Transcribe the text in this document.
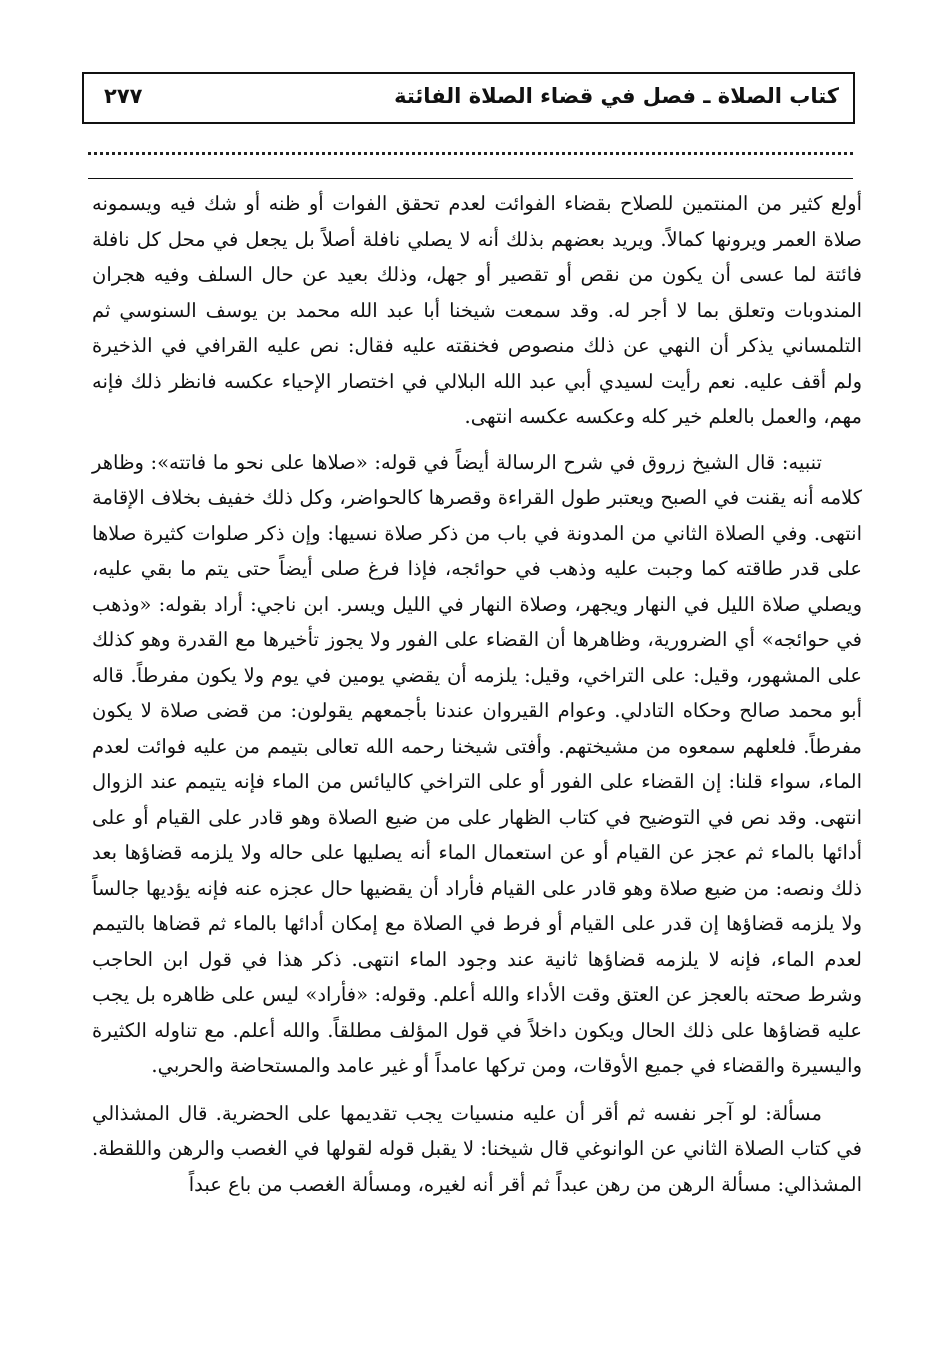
كتاب الصلاة ـ فصل في قضاء الصلاة الفائتة
٢٧٧

أولع كثير من المنتمين للصلاح بقضاء الفوائت لعدم تحقق الفوات أو ظنه أو شك فيه ويسمونه صلاة العمر ويرونها كمالاً. ويريد بعضهم بذلك أنه لا يصلي نافلة أصلاً بل يجعل في محل كل نافلة فائتة لما عسى أن يكون من نقص أو تقصير أو جهل، وذلك بعيد عن حال السلف وفيه هجران المندوبات وتعلق بما لا أجر له. وقد سمعت شيخنا أبا عبد الله محمد بن يوسف السنوسي ثم التلمساني يذكر أن النهي عن ذلك منصوص فخنقته عليه فقال: نص عليه القرافي في الذخيرة ولم أقف عليه. نعم رأيت لسيدي أبي عبد الله البلالي في اختصار الإحياء عكسه فانظر ذلك فإنه مهم، والعمل بالعلم خير كله وعكسه عكسه انتهى.

تنبيه: قال الشيخ زروق في شرح الرسالة أيضاً في قوله: «صلاها على نحو ما فاتته»: وظاهر كلامه أنه يقنت في الصبح ويعتبر طول القراءة وقصرها كالحواضر، وكل ذلك خفيف بخلاف الإقامة انتهى. وفي الصلاة الثاني من المدونة في باب من ذكر صلاة نسيها: وإن ذكر صلوات كثيرة صلاها على قدر طاقته كما وجبت عليه وذهب في حوائجه، فإذا فرغ صلى أيضاً حتى يتم ما بقي عليه، ويصلي صلاة الليل في النهار ويجهر، وصلاة النهار في الليل ويسر. ابن ناجي: أراد بقوله: «وذهب في حوائجه» أي الضرورية، وظاهرها أن القضاء على الفور ولا يجوز تأخيرها مع القدرة وهو كذلك على المشهور، وقيل: على التراخي، وقيل: يلزمه أن يقضي يومين في يوم ولا يكون مفرطاً. قاله أبو محمد صالح وحكاه التادلي. وعوام القيروان عندنا بأجمعهم يقولون: من قضى صلاة لا يكون مفرطاً. فلعلهم سمعوه من مشيختهم. وأفتى شيخنا رحمه الله تعالى بتيمم من عليه فوائت لعدم الماء، سواء قلنا: إن القضاء على الفور أو على التراخي كاليائس من الماء فإنه يتيمم عند الزوال انتهى. وقد نص في التوضيح في كتاب الظهار على من ضيع الصلاة وهو قادر على القيام أو على أدائها بالماء ثم عجز عن القيام أو عن استعمال الماء أنه يصليها على حاله ولا يلزمه قضاؤها بعد ذلك ونصه: من ضيع صلاة وهو قادر على القيام فأراد أن يقضيها حال عجزه عنه فإنه يؤديها جالساً ولا يلزمه قضاؤها إن قدر على القيام أو فرط في الصلاة مع إمكان أدائها بالماء ثم قضاها بالتيمم لعدم الماء، فإنه لا يلزمه قضاؤها ثانية عند وجود الماء انتهى. ذكر هذا في قول ابن الحاجب وشرط صحته بالعجز عن العتق وقت الأداء والله أعلم. وقوله: «فأراد» ليس على ظاهره بل يجب عليه قضاؤها على ذلك الحال ويكون داخلاً في قول المؤلف مطلقاً. والله أعلم. مع تناوله الكثيرة واليسيرة والقضاء في جميع الأوقات، ومن تركها عامداً أو غير عامد والمستحاضة والحربي.

مسألة: لو آجر نفسه ثم أقر أن عليه منسيات يجب تقديمها على الحضرية. قال المشذالي في كتاب الصلاة الثاني عن الوانوغي قال شيخنا: لا يقبل قوله لقولها في الغصب والرهن واللقطة. المشذالي: مسألة الرهن من رهن عبداً ثم أقر أنه لغيره، ومسألة الغصب من باع عبداً
